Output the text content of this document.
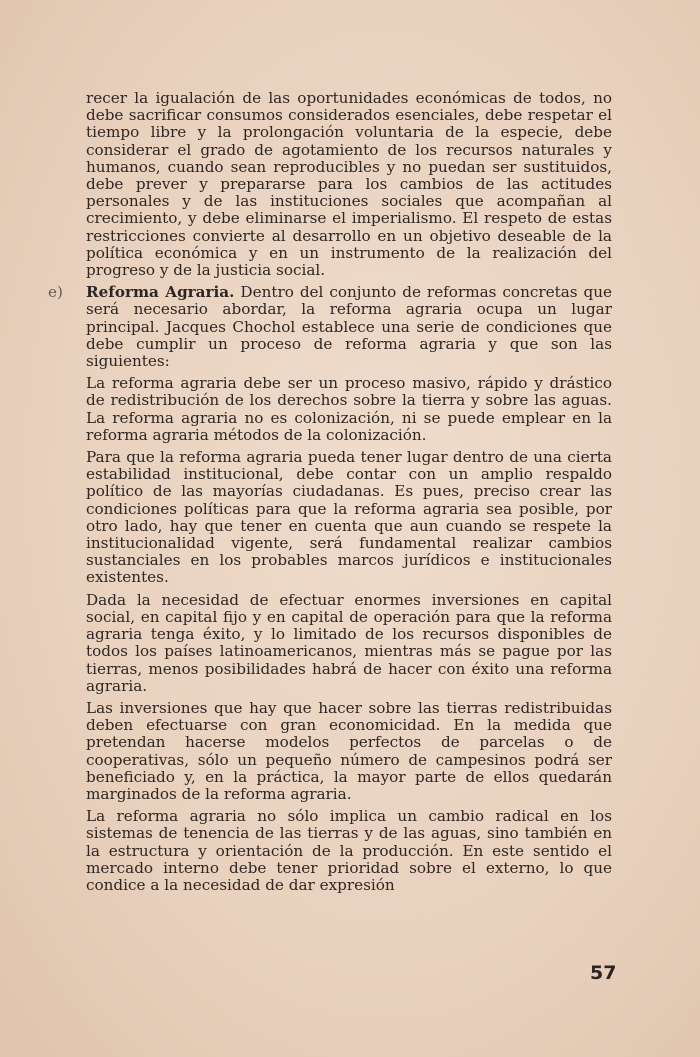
recer la igualación de las oportunidades económicas de todos, no debe sacrificar consumos considerados esenciales, debe respetar el tiempo libre y la prolongación voluntaria de la especie, debe considerar el grado de agotamiento de los recursos naturales y humanos, cuando sean reproducibles y no puedan ser sustituidos, debe prever y prepararse para los cambios de las actitudes personales y de las instituciones sociales que acompañan al crecimiento, y debe eliminarse el imperialismo. El respeto de estas restricciones convierte al desarrollo en un objetivo deseable de la política económica y en un instrumento de la realización del progreso y de la justicia social.

e) Reforma Agraria. Dentro del conjunto de reformas concretas que será necesario abordar, la reforma agraria ocupa un lugar principal. Jacques Chochol establece una serie de condiciones que debe cumplir un proceso de reforma agraria y que son las siguientes:

La reforma agraria debe ser un proceso masivo, rápido y drástico de redistribución de los derechos sobre la tierra y sobre las aguas. La reforma agraria no es colonización, ni se puede emplear en la reforma agraria métodos de la colonización.

Para que la reforma agraria pueda tener lugar dentro de una cierta estabilidad institucional, debe contar con un amplio respaldo político de las mayorías ciudadanas. Es pues, preciso crear las condiciones políticas para que la reforma agraria sea posible, por otro lado, hay que tener en cuenta que aun cuando se respete la institucionalidad vigente, será fundamental realizar cambios sustanciales en los probables marcos jurídicos e institucionales existentes.

Dada la necesidad de efectuar enormes inversiones en capital social, en capital fijo y en capital de operación para que la reforma agraria tenga éxito, y lo limitado de los recursos disponibles de todos los países latinoamericanos, mientras más se pague por las tierras, menos posibilidades habrá de hacer con éxito una reforma agraria.

Las inversiones que hay que hacer sobre las tierras redistribuidas deben efectuarse con gran economicidad. En la medida que pretendan hacerse modelos perfectos de parcelas o de cooperativas, sólo un pequeño número de campesinos podrá ser beneficiado y, en la práctica, la mayor parte de ellos quedarán marginados de la reforma agraria.

La reforma agraria no sólo implica un cambio radical en los sistemas de tenencia de las tierras y de las aguas, sino también en la estructura y orientación de la producción. En este sentido el mercado interno debe tener prioridad sobre el externo, lo que condice a la necesidad de dar expresión

57
